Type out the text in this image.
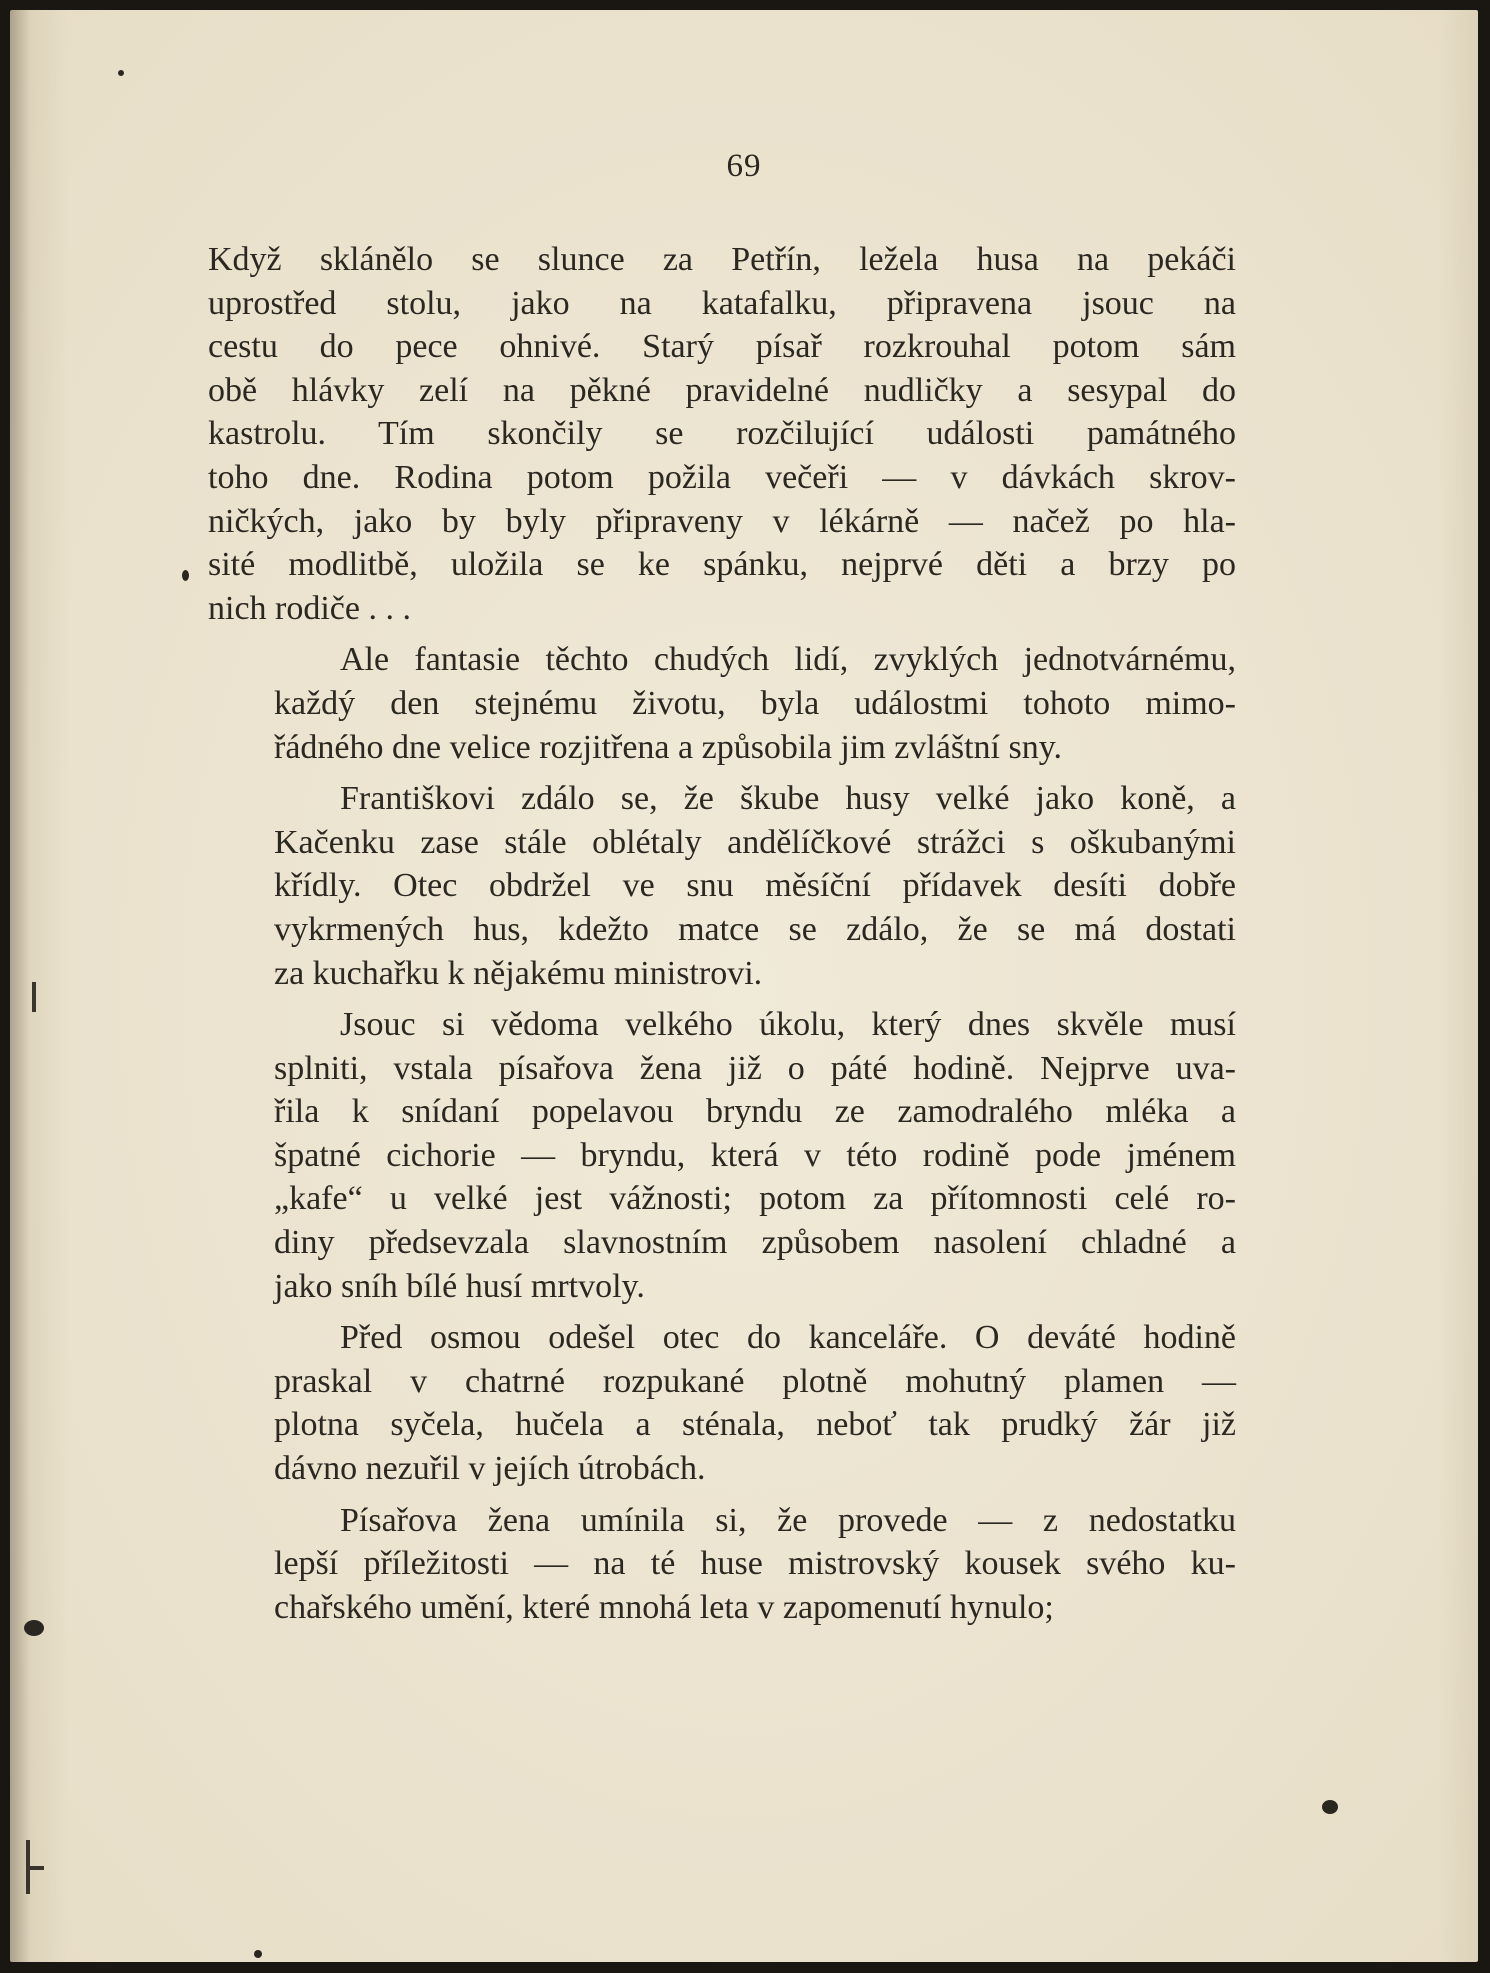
69
Když sklánělo se slunce za Petřín, ležela husa na pekáči
uprostřed stolu, jako na katafalku, připravena jsouc na
cestu do pece ohnivé. Starý písař rozkrouhal potom sám
obě hlávky zelí na pěkné pravidelné nudličky a sesypal do
kastrolu. Tím skončily se rozčilující události památného
toho dne. Rodina potom požila večeři — v dávkách skrov-
ničkých, jako by byly připraveny v lékárně — načež po hla-
sité modlitbě, uložila se ke spánku, nejprvé děti a brzy po
nich rodiče . . .
Ale fantasie těchto chudých lidí, zvyklých jednotvárnému,
každý den stejnému životu, byla událostmi tohoto mimo-
řádného dne velice rozjitřena a způsobila jim zvláštní sny.
Františkovi zdálo se, že škube husy velké jako koně, a
Kačenku zase stále oblétaly andělíčkové strážci s oškubanými
křídly. Otec obdržel ve snu měsíční přídavek desíti dobře
vykrmených hus, kdežto matce se zdálo, že se má dostati
za kuchařku k nějakému ministrovi.
Jsouc si vědoma velkého úkolu, který dnes skvěle musí
splniti, vstala písařova žena již o páté hodině. Nejprve uva-
řila k snídaní popelavou bryndu ze zamodralého mléka a
špatné cichorie — bryndu, která v této rodině pode jménem
„kafe“ u velké jest vážnosti; potom za přítomnosti celé ro-
diny předsevzala slavnostním způsobem nasolení chladné a
jako sníh bílé husí mrtvoly.
Před osmou odešel otec do kanceláře. O deváté hodině
praskal v chatrné rozpukané plotně mohutný plamen —
plotna syčela, hučela a sténala, neboť tak prudký žár již
dávno nezuřil v jejích útrobách.
Písařova žena umínila si, že provede — z nedostatku
lepší příležitosti — na té huse mistrovský kousek svého ku-
chařského umění, které mnohá leta v zapomenutí hynulo;
